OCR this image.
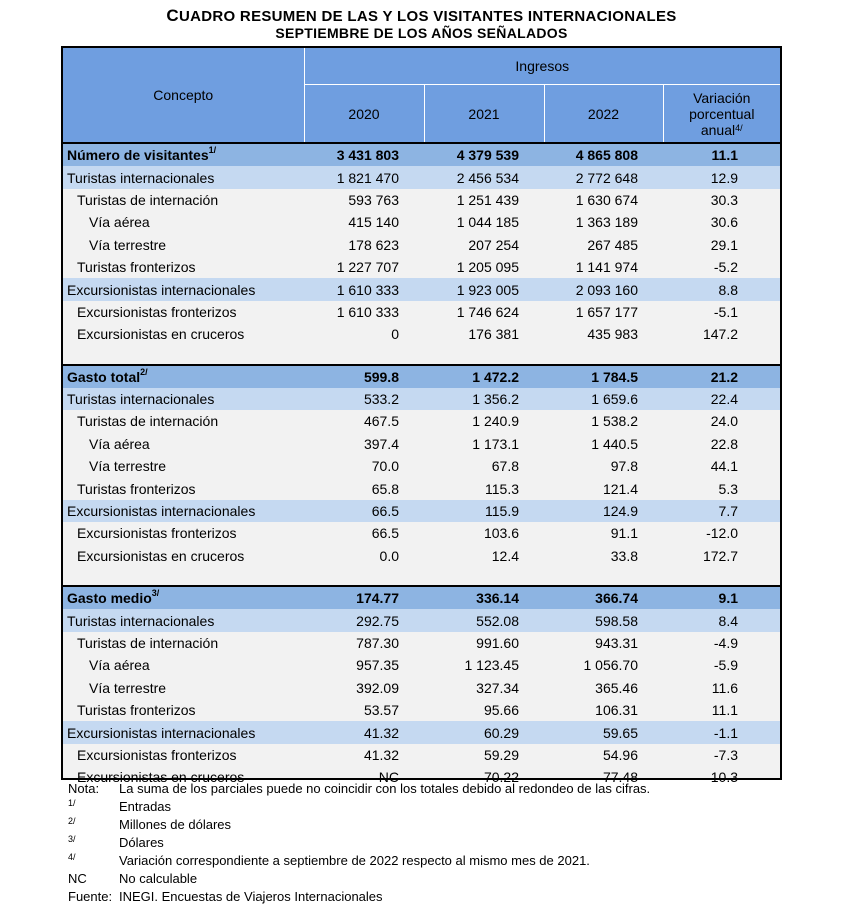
CUADRO RESUMEN DE LAS Y LOS VISITANTES INTERNACIONALES
SEPTIEMBRE DE LOS AÑOS SEÑALADOS
Concepto	Ingresos			
	2020	2021	2022	Variación
porcentual
anual$^{4/}$
Número de visitantes$^{1/}$	3 431 803	4 379 539	4 865 808	11.1
Turistas internacionales	1 821 470	2 456 534	2 772 648	12.9
Turistas de internación	593 763	1 251 439	1 630 674	30.3
Vía aérea	415 140	1 044 185	1 363 189	30.6
Vía terrestre	178 623	207 254	267 485	29.1
Turistas fronterizos	1 227 707	1 205 095	1 141 974	-5.2
Excursionistas internacionales	1 610 333	1 923 005	2 093 160	8.8
Excursionistas fronterizos	1 610 333	1 746 624	1 657 177	-5.1
Excursionistas en cruceros	0	176 381	435 983	147.2

Gasto total$^{2/}$	599.8	1 472.2	1 784.5	21.2
Turistas internacionales	533.2	1 356.2	1 659.6	22.4
Turistas de internación	467.5	1 240.9	1 538.2	24.0
Vía aérea	397.4	1 173.1	1 440.5	22.8
Vía terrestre	70.0	67.8	97.8	44.1
Turistas fronterizos	65.8	115.3	121.4	5.3
Excursionistas internacionales	66.5	115.9	124.9	7.7
Excursionistas fronterizos	66.5	103.6	91.1	-12.0
Excursionistas en cruceros	0.0	12.4	33.8	172.7

Gasto medio$^{3/}$	174.77	336.14	366.74	9.1
Turistas internacionales	292.75	552.08	598.58	8.4
Turistas de internación	787.30	991.60	943.31	-4.9
Vía aérea	957.35	1 123.45	1 056.70	-5.9
Vía terrestre	392.09	327.34	365.46	11.6
Turistas fronterizos	53.57	95.66	106.31	11.1
Excursionistas internacionales	41.32	60.29	59.65	-1.1
Excursionistas fronterizos	41.32	59.29	54.96	-7.3
Excursionistas en cruceros	NC	70.22	77.48	10.3
Nota: La suma de los parciales puede no coincidir con los totales debido al redondeo de las cifras.
1/	Entradas
2/	Millones de dólares
3/	Dólares
4/	Variación correspondiente a septiembre de 2022 respecto al mismo mes de 2021.
NC No calculable
Fuente: INEGI. Encuestas de Viajeros Internacionales
